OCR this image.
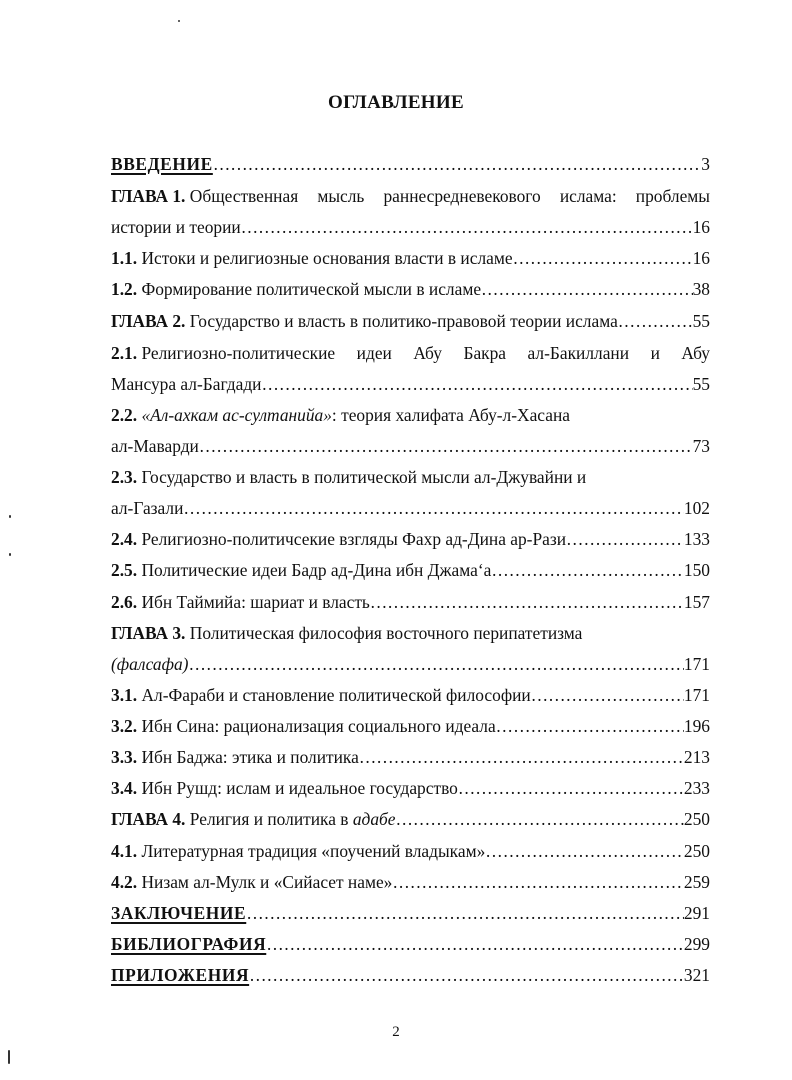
ОГЛАВЛЕНИЕ
ВВЕДЕНИЕ …………………………………………………………………………………………………………………………………………………………………………………………………………………………………………………………………	3
ГЛАВА 1. Общественная мысль раннесредневекового ислама: проблемы
истории и теории …………………………………………………………………………………………………………………………………………………………………………………………………………………………………………………………………	16
1.1. Истоки и религиозные основания власти в исламе …………………………………………………………………………………………………………………………………………………………………………………………………………………………………………………………………	16
1.2. Формирование политической мысли в исламе …………………………………………………………………………………………………………………………………………………………………………………………………………………………………………………………………	38
ГЛАВА 2. Государство и власть в политико-правовой теории ислама …………………………………………………………………………………………………………………………………………………………………………………………………………………………………………………………………	55
2.1. Религиозно-политические идеи Абу Бакра ал-Бакиллани и Абу
Мансура ал-Багдади …………………………………………………………………………………………………………………………………………………………………………………………………………………………………………………………………	55
2.2. «Ал-ахкам ас-султанийа»: теория халифата Абу-л-Хасана
ал-Маварди …………………………………………………………………………………………………………………………………………………………………………………………………………………………………………………………………	73
2.3. Государство и власть в политической мысли ал-Джувайни и
ал-Газали …………………………………………………………………………………………………………………………………………………………………………………………………………………………………………………………………	102
2.4. Религиозно-политичсекие взгляды Фахр ад-Дина ар-Рази …………………………………………………………………………………………………………………………………………………………………………………………………………………………………………………………………	133
2.5. Политические идеи Бадр ад-Дина ибн Джама‘а …………………………………………………………………………………………………………………………………………………………………………………………………………………………………………………………………	150
2.6. Ибн Таймийа: шариат и власть …………………………………………………………………………………………………………………………………………………………………………………………………………………………………………………………………	157
ГЛАВА 3. Политическая философия восточного перипатетизма
(фалсафа) …………………………………………………………………………………………………………………………………………………………………………………………………………………………………………………………………	171
3.1. Ал-Фараби и становление политической философии …………………………………………………………………………………………………………………………………………………………………………………………………………………………………………………………………	171
3.2. Ибн Сина: рационализация социального идеала …………………………………………………………………………………………………………………………………………………………………………………………………………………………………………………………………	196
3.3. Ибн Баджа: этика и политика …………………………………………………………………………………………………………………………………………………………………………………………………………………………………………………………………	213
3.4. Ибн Рушд: ислам и идеальное государство …………………………………………………………………………………………………………………………………………………………………………………………………………………………………………………………………	233
ГЛАВА 4. Религия и политика в адабе …………………………………………………………………………………………………………………………………………………………………………………………………………………………………………………………………	250
4.1. Литературная традиция «поучений владыкам» …………………………………………………………………………………………………………………………………………………………………………………………………………………………………………………………………	250
4.2. Низам ал-Мулк и «Сийасет наме» …………………………………………………………………………………………………………………………………………………………………………………………………………………………………………………………………	259
ЗАКЛЮЧЕНИЕ …………………………………………………………………………………………………………………………………………………………………………………………………………………………………………………………………	291
БИБЛИОГРАФИЯ …………………………………………………………………………………………………………………………………………………………………………………………………………………………………………………………………	299
ПРИЛОЖЕНИЯ …………………………………………………………………………………………………………………………………………………………………………………………………………………………………………………………………	321
2
